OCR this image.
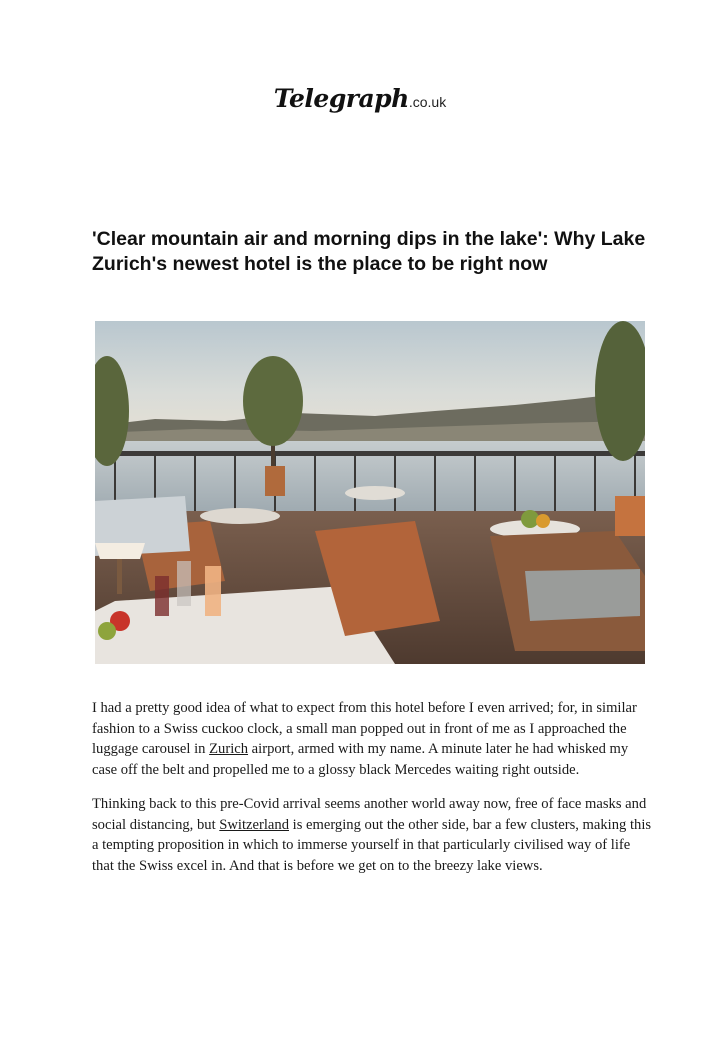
Telegraph.co.uk
'Clear mountain air and morning dips in the lake': Why Lake Zurich's newest hotel is the place to be right now

I had a pretty good idea of what to expect from this hotel before I even arrived; for, in similar fashion to a Swiss cuckoo clock, a small man popped out in front of me as I approached the luggage carousel in Zurich airport, armed with my name. A minute later he had whisked my case off the belt and propelled me to a glossy black Mercedes waiting right outside.

Thinking back to this pre-Covid arrival seems another world away now, free of face masks and social distancing, but Switzerland is emerging out the other side, bar a few clusters, making this a tempting proposition in which to immerse yourself in that particularly civilised way of life that the Swiss excel in. And that is before we get on to the breezy lake views.
